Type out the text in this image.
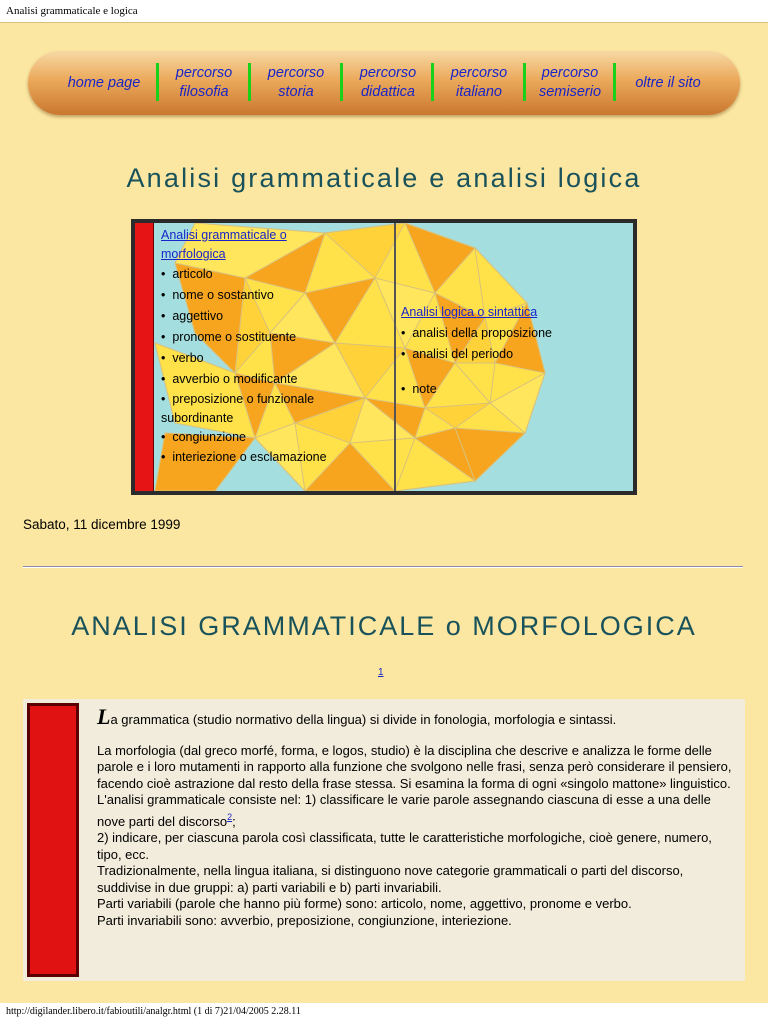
Analisi grammaticale e logica
home page
percorso
filosofia
percorso
storia
percorso
didattica
percorso
italiano
percorso
semiserio
oltre il sito
Analisi grammaticale e analisi logica
Analisi grammaticale o
morfologica
•  articolo
•  nome o sostantivo
•  aggettivo
•  pronome o sostituente
•  verbo
•  avverbio o modificante
•  preposizione o funzionale
subordinante
•  congiunzione
•  interiezione o esclamazione
Analisi logica o sintattica
•  analisi della proposizione
•  analisi del periodo
•  note
Sabato, 11 dicembre 1999
ANALISI GRAMMATICALE o MORFOLOGICA
1

La grammatica (studio normativo della lingua) si divide in fonologia, morfologia e sintassi.

La morfologia (dal greco morfé, forma, e logos, studio) è la disciplina che descrive e analizza le forme delle parole e i loro mutamenti in rapporto alla funzione che svolgono nelle frasi, senza però considerare il pensiero, facendo cioè astrazione dal resto della frase stessa. Si esamina la forma di ogni «singolo mattone» linguistico.

L'analisi grammaticale consiste nel: 1) classificare le varie parole assegnando ciascuna di esse a una delle nove parti del discorso$^2$;

2) indicare, per ciascuna parola così classificata, tutte le caratteristiche morfologiche, cioè genere, numero, tipo, ecc.

Tradizionalmente, nella lingua italiana, si distinguono nove categorie grammaticali o parti del discorso, suddivise in due gruppi: a) parti variabili e b) parti invariabili.

Parti variabili (parole che hanno più forme) sono: articolo, nome, aggettivo, pronome e verbo.

Parti invariabili sono: avverbio, preposizione, congiunzione, interiezione.

http://digilander.libero.it/fabioutili/analgr.html (1 di 7)21/04/2005 2.28.11
